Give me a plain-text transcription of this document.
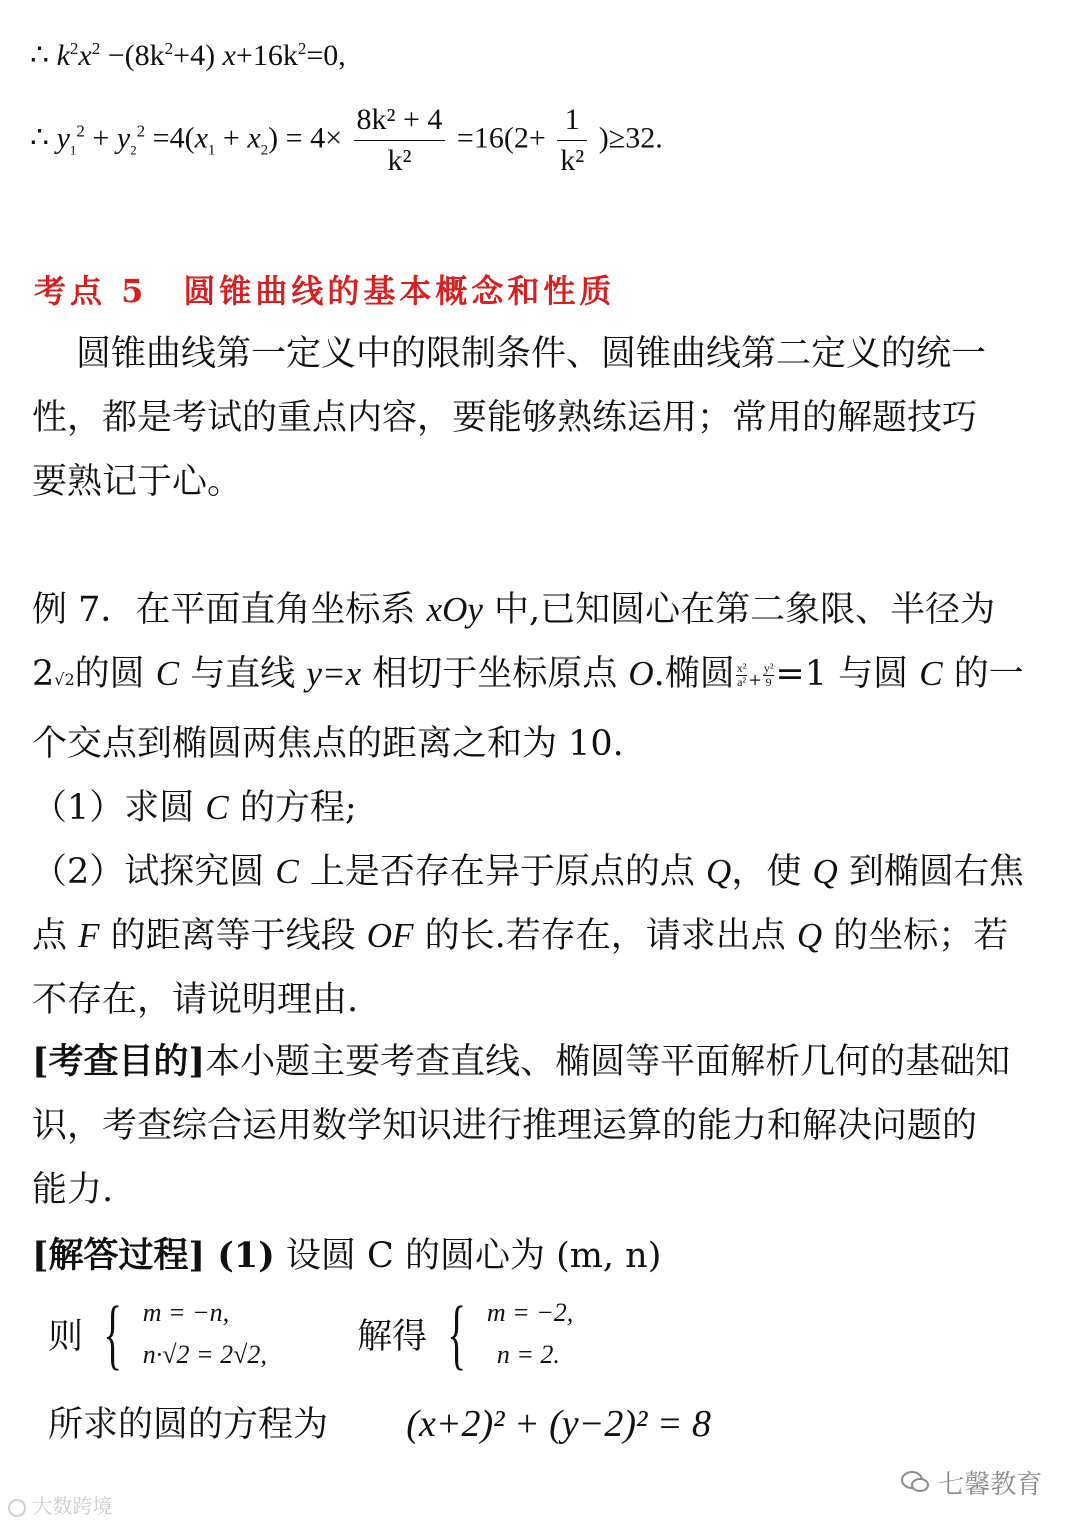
∴ $k^2x^2 -(8k^2+4)$ $x+16k^2=0$,
∴ $y_1^2 + y_2^2 =4(x_1 + x_2) = 4\times \frac{\text{8k² + 4}}{\text{k²}} =16(2+ \frac{1}{\text{k²}} )\ge 32$.
考点 5　圆锥曲线的基本概念和性质
圆锥曲线第一定义中的限制条件、圆锥曲线第二定义的统一
性，都是考试的重点内容，要能够熟练运用；常用的解题技巧
要熟记于心。
例 7．在平面直角坐标系 xOy 中,已知圆心在第二象限、半径为
2√2的圆 C 与直线 y=x 相切于坐标原点 O.椭圆 $\frac{\text{x²}}{\text{a²}} + \frac{\text{y²}}{9} =1$ 与圆 C 的一
个交点到椭圆两焦点的距离之和为 10.
（1）求圆 C 的方程;
（2）试探究圆 C 上是否存在异于原点的点 Q，使 Q 到椭圆右焦
点 F 的距离等于线段 OF 的长.若存在，请求出点 Q 的坐标；若
不存在，请说明理由.
[考查目的]本小题主要考查直线、椭圆等平面解析几何的基础知
识，考查综合运用数学知识进行推理运算的能力和解决问题的
能力.
[解答过程] (1) 设圆 C 的圆心为 (m, n)
则 { m = −n,
n·√2 = 2√2,	解得 { m = −2,
n = 2.
所求的圆的方程为 (x+2)² + (y−2)² = 8
大数跨境
七馨教育
